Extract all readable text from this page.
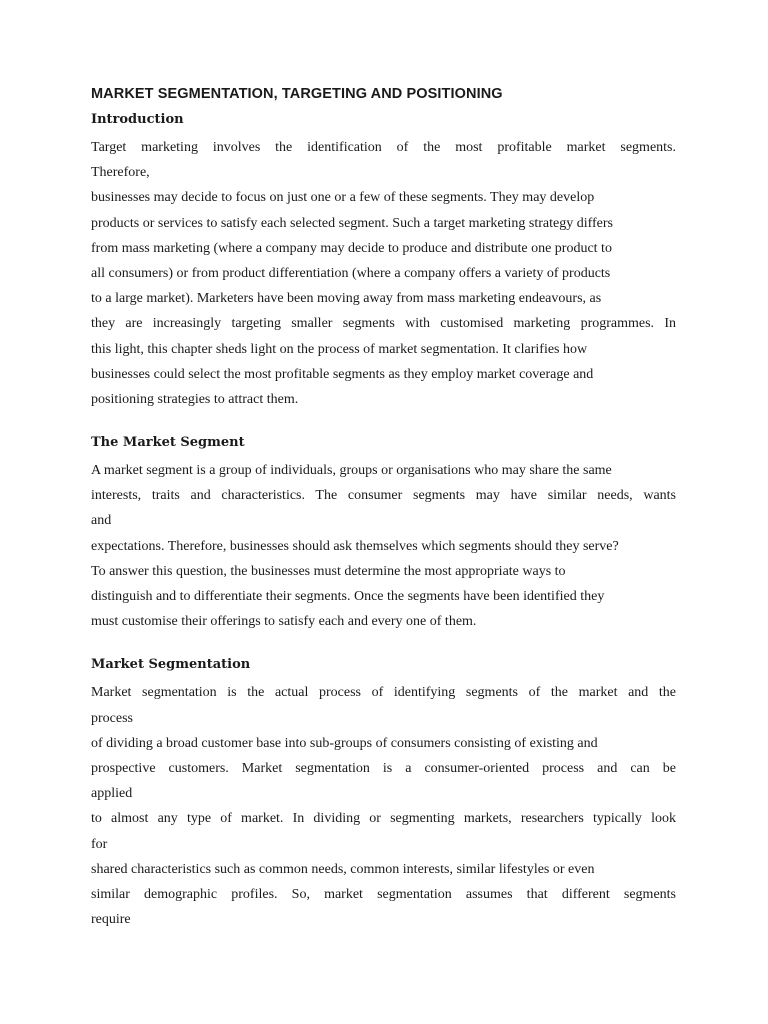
MARKET SEGMENTATION, TARGETING AND POSITIONING
Introduction
Target marketing involves the identification of the most profitable market segments.
Therefore,
businesses may decide to focus on just one or a few of these segments. They may develop
products or services to satisfy each selected segment. Such a target marketing strategy differs
from mass marketing (where a company may decide to produce and distribute one product to
all consumers) or from product differentiation (where a company offers a variety of products
to a large market). Marketers have been moving away from mass marketing endeavours, as
they are increasingly targeting smaller segments with customised marketing programmes. In
this light, this chapter sheds light on the process of market segmentation. It clarifies how
businesses could select the most profitable segments as they employ market coverage and
positioning strategies to attract them.
The Market Segment
A market segment is a group of individuals, groups or organisations who may share the same
interests, traits and characteristics. The consumer segments may have similar needs, wants
and
expectations. Therefore, businesses should ask themselves which segments should they serve?
To answer this question, the businesses must determine the most appropriate ways to
distinguish and to differentiate their segments. Once the segments have been identified they
must customise their offerings to satisfy each and every one of them.
Market Segmentation
Market segmentation is the actual process of identifying segments of the market and the
process
of dividing a broad customer base into sub-groups of consumers consisting of existing and
prospective customers. Market segmentation is a consumer-oriented process and can be
applied
to almost any type of market. In dividing or segmenting markets, researchers typically look
for
shared characteristics such as common needs, common interests, similar lifestyles or even
similar demographic profiles. So, market segmentation assumes that different segments
require
